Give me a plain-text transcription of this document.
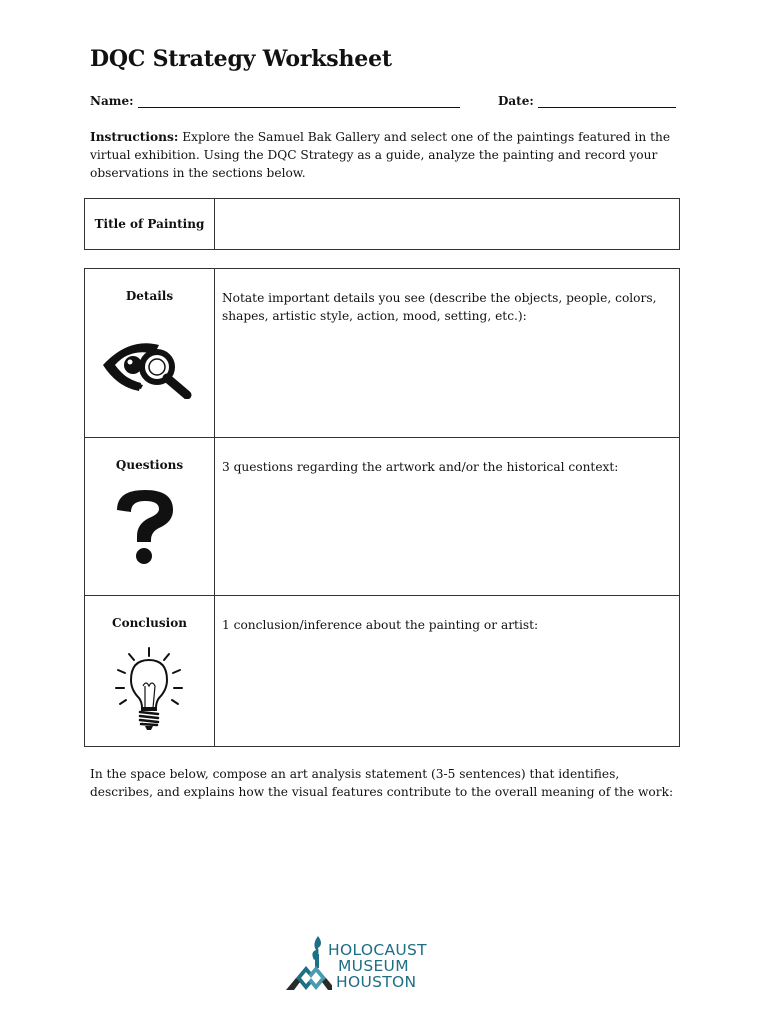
DQC Strategy Worksheet
Name:	Date:
Instructions: Explore the Samuel Bak Gallery and select one of the paintings featured in the virtual exhibition. Using the DQC Strategy as a guide, analyze the painting and record your observations in the sections below.
Title of Painting
Details	Notate important details you see (describe the objects, people, colors, shapes, artistic style, action, mood, setting, etc.):
Questions	3 questions regarding the artwork and/or the historical context:
Conclusion	1 conclusion/inference about the painting or artist:
In the space below, compose an art analysis statement (3-5 sentences) that identifies, describes, and explains how the visual features contribute to the overall meaning of the work:
HOLOCAUST
MUSEUM
HOUSTON
